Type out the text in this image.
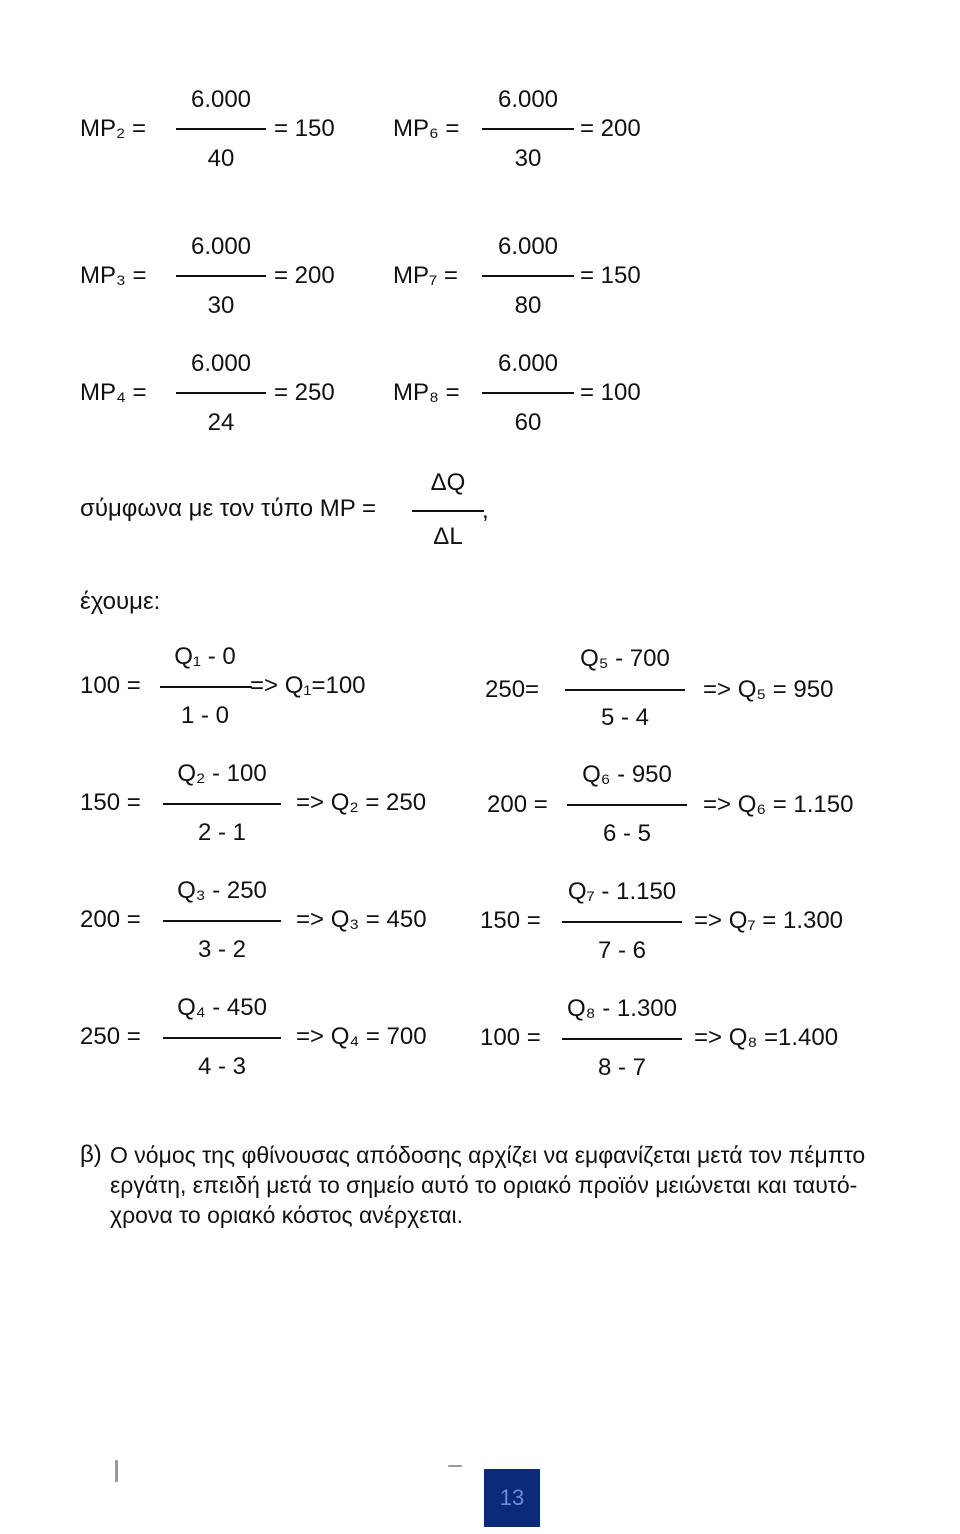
MP₂ =
6.000
40
= 150 MP₆ =
6.000
30
= 200
MP₃ =
6.000
30
= 200 MP₇ =
6.000
80
= 150
MP₄ =
6.000
24
= 250 MP₈ =
6.000
60
= 100
σύμφωνα με τον τύπο MP =
ΔQ
,
ΔL
έχουμε:
100 =
Q₁ - 0
1 - 0
=> Q₁=100	250=
Q₅ - 700
5 - 4
=> Q₅ = 950
150 =
Q₂ - 100
2 - 1
=> Q₂ = 250	200 =
Q₆ - 950
6 - 5
=> Q₆ = 1.150
200 =
Q₃ - 250
3 - 2
=> Q₃ = 450 150 =
Q₇ - 1.150
7 - 6
=> Q₇ = 1.300
250 =
Q₄ - 450
4 - 3
=> Q₄ = 700 100 =
Q₈ - 1.300
8 - 7
=> Q₈ =1.400
β) Ο νόμος της φθίνουσας απόδοσης αρχίζει να εμφανίζεται μετά τον πέμπτο
εργάτη, επειδή μετά το σημείο αυτό το οριακό προϊόν μειώνεται και ταυτό-
χρονα το οριακό κόστος ανέρχεται.
13
